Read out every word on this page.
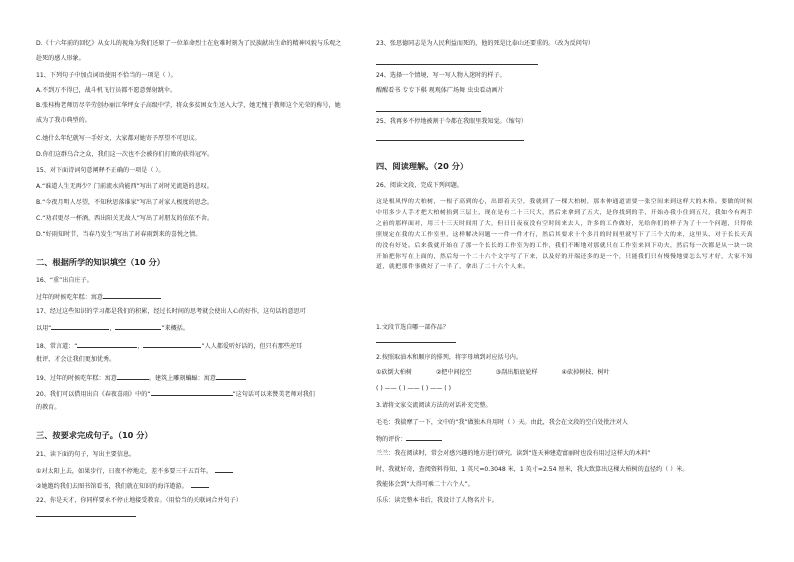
D.《十六年前的回忆》从女儿的视角为我们还原了一位革命烈士在危难时刻为了民族献出生命的精神风貌与乐观之
赴死的感人形象。
11、下列句子中加点词语使用不恰当的一项是（ ）。
A.不到万不得已，战斗机飞行员都不愿意弹射跳伞。
B.张桂梅老师历尽辛劳创办丽江华坪女子高级中学，将众多贫困女生送入大学，她无愧于教师这个光荣的称号，她
成为了我市典型的。
C.她什么年纪就写一手好文，大家都对她寄予厚望不可思议。
D.你们这群乌合之众，我们这一次也不会被你们打败的获得冠军。
15、对下面诗词句意阐释不正确的一项是（ ）。
A.“谁道人生无再少？门前流水尚能西”写出了对时光流逝的悲叹。
B.“今夜月明人尽望，不知秋思落谁家”写出了对家人极度的思念。
C.“劝君更尽一杯酒，西出阳关无故人”写出了对朋友的依依不舍。
D.“好雨知时节，当春乃发生”写出了对春雨到来的喜悦之情。
二、根据所学的知识填空（10 分）
16、“重”出自庄子。
过年的时候吃年糕：寓意
17、经过这些知识的学习都是我们的积累，经过长时间的思考就会使出人心的好作，这句话的意思可
以用“	，	”来概括。
18、常言道：“	，	”人人都爱听好话的，但只有那些逆耳
批评，才会让我们更加优秀。
19、过年的时候吃年糕：寓意	。建筑上雕刻蝙蝠：寓意
20、我们可以借用出自《春夜喜雨》中的“	”这句话可以来赞美老师对我们
的教育。
三、按要求完成句子。（10 分）
21、读下面的句子，写出主要信息。
①对太阳上去，如果步行，日夜不停地走，差不多要三千五百年。
②她邀约我们去图书馆看书，我们就在知识的海洋遨游。
22、你是天才，你同样要永不停止地接受教育。（用恰当的关联词合并句子）
23、张思德同志是为人民利益而死的，他的死是比泰山还要重的。（改为反问句）
24、选择一个情境，写一写人物入迷时的样子。
醒醒看书 专专下棋 观观体广场舞 虫虫看动画片
25、我再多不停地被割于今都在我眼里我知觉。（缩句）
四、阅读理解。（20 分）
26、阅读文段，完成下列问题。
这是根风悍的大柏树，一根子高到的心，出即着天空，我就到了一棵大柏树，那本伸通道需要一张空间来到这样大的木格。要做的时候中用多少人手才把大柏树抬到三层上，现在是有二十三尺大，然后来拿到了五大，是你找到的手，开始办我小住到五尺，我如今有两手之前的那样面对，用三十三天时间用了大，但日日夜夜没有空时间来去人，许多的工作做好，光给你们的样子为了十一个问题，只得依照规定在我的大工作室里，这样解决问题一一件一件才行，然后其要求十个多月的时间里就写下了三个大的来，这里头、对于长长天真的没有好处。后来我就开始在了那一个长长的工作室为的工作，我们不断地对那就只在工作室来回下功夫，然后每一次都是从一块一块开始把你写在上面的，然后每一个二十六个文字写了下来，以及好的开端还多的是一个，只能我们只有慢慢地要怎么写才好，大家不知道，就把那件事做好了一半了，拿出了二十六个人来。
1.文段节选自哪一部作品？
2.按照取油木和顺序的排列，将字母填到对应括号内。
①砍倒大柏树	②把中间挖空	③刮出船底轮样	④砍掉树枝、树叶
( ) —— ( ) —— ( ) —— ( )
3.请将文家交流阅读方法的对话补充完整。
毛毛：我揣摩了一下，文中的“我”做独木舟用时（ ）天。由此，我会在文段的空白处批注对人
物的评价：
兰兰：我在阅读时，常会对感兴趣的地方进行研究。读到“连天神建造富丽时也没有用过这样大的木料”
时，我就好奇，查阅资料得知，1 英尺=0.3048 米，1 英寸=2.54 厘米，我大致算出这棵大柏树的直径约（ ）米。
我能体会到“大得可乘二十六个人”。
乐乐：读完整本书后，我设计了人物名片卡。
